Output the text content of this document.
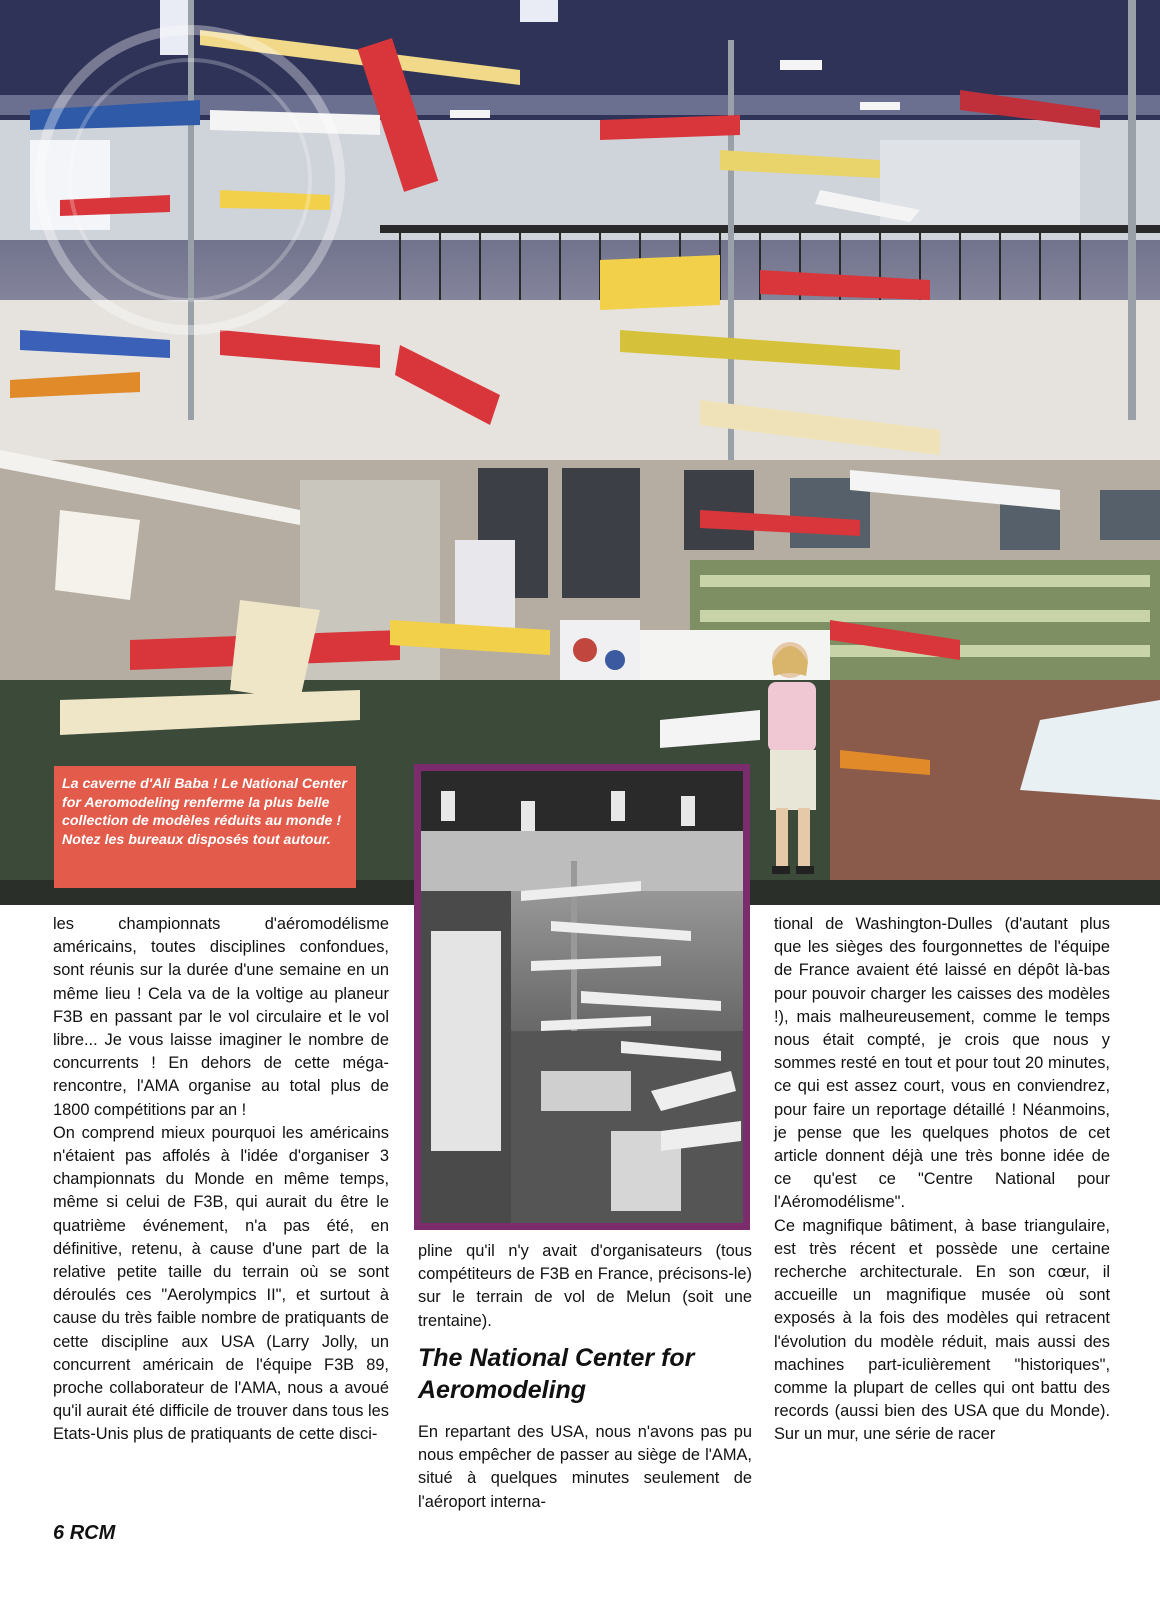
La caverne d'Ali Baba ! Le National Center for Aeromodeling renferme la plus belle collection de modèles réduits au monde ! Notez les bureaux disposés tout autour.

les championnats d'aéromodélisme américains, toutes disciplines confondues, sont réunis sur la durée d'une semaine en un même lieu ! Cela va de la voltige au planeur F3B en passant par le vol circulaire et le vol libre... Je vous laisse imaginer le nombre de concurrents ! En dehors de cette méga-rencontre, l'AMA organise au total plus de 1800 compétitions par an !

On comprend mieux pourquoi les américains n'étaient pas affolés à l'idée d'organiser 3 championnats du Monde en même temps, même si celui de F3B, qui aurait du être le quatrième événement, n'a pas été, en définitive, retenu, à cause d'une part de la relative petite taille du terrain où se sont déroulés ces "Aerolympics II", et surtout à cause du très faible nombre de pratiquants de cette discipline aux USA (Larry Jolly, un concurrent américain de l'équipe F3B 89, proche collaborateur de l'AMA, nous a avoué qu'il aurait été difficile de trouver dans tous les Etats-Unis plus de pratiquants de cette disci-

pline qu'il n'y avait d'organisateurs (tous compétiteurs de F3B en France, précisons-le) sur le terrain de vol de Melun (soit une trentaine).
The National Center for Aeromodeling
En repartant des USA, nous n'avons pas pu nous empêcher de passer au siège de l'AMA, situé à quelques minutes seulement de l'aéroport interna-

tional de Washington-Dulles (d'autant plus que les sièges des fourgonnettes de l'équipe de France avaient été laissé en dépôt là-bas pour pouvoir charger les caisses des modèles !), mais malheureusement, comme le temps nous était compté, je crois que nous y sommes resté en tout et pour tout 20 minutes, ce qui est assez court, vous en conviendrez, pour faire un reportage détaillé ! Néanmoins, je pense que les quelques photos de cet article donnent déjà une très bonne idée de ce qu'est ce "Centre National pour l'Aéromodélisme".

Ce magnifique bâtiment, à base triangulaire, est très récent et possède une certaine recherche architecturale. En son cœur, il accueille un magnifique musée où sont exposés à la fois des modèles qui retracent l'évolution du modèle réduit, mais aussi des machines part-iculièrement "historiques", comme la plupart de celles qui ont battu des records (aussi bien des USA que du Monde). Sur un mur, une série de racer

6 RCM
